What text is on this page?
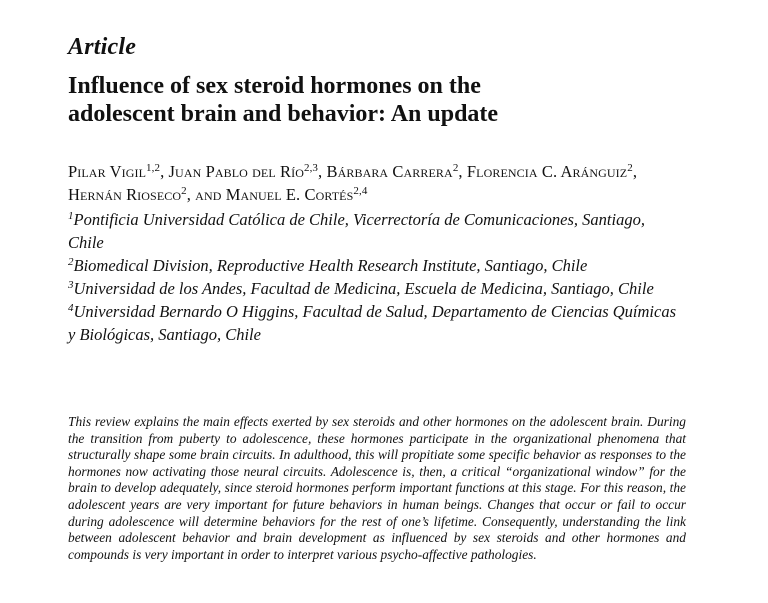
Article
Influence of sex steroid hormones on the
adolescent brain and behavior: An update
Pilar Vigil$^{1,2}$, Juan Pablo del Río$^{2,3}$, Bárbara Carrera$^2$, Florencia C. Aránguiz$^2$, Hernán Rioseco$^2$, and Manuel E. Cortés$^{2,4}$
$^1$Pontificia Universidad Católica de Chile, Vicerrectoría de Comunicaciones, Santiago, Chile
$^2$Biomedical Division, Reproductive Health Research Institute, Santiago, Chile
$^3$Universidad de los Andes, Facultad de Medicina, Escuela de Medicina, Santiago, Chile
$^4$Universidad Bernardo O Higgins, Facultad de Salud, Departamento de Ciencias Químicas y Biológicas, Santiago, Chile
This review explains the main effects exerted by sex steroids and other hormones on the adolescent brain. During the transition from puberty to adolescence, these hormones participate in the organizational phenomena that structurally shape some brain circuits. In adulthood, this will propitiate some specific behavior as responses to the hormones now activating those neural circuits. Adolescence is, then, a critical “organizational window” for the brain to develop adequately, since steroid hormones perform important functions at this stage. For this reason, the adolescent years are very important for future behaviors in human beings. Changes that occur or fail to occur during adolescence will determine behaviors for the rest of one’s lifetime. Consequently, understanding the link between adolescent behavior and brain development as influenced by sex steroids and other hormones and compounds is very important in order to interpret various psycho-affective pathologies.
